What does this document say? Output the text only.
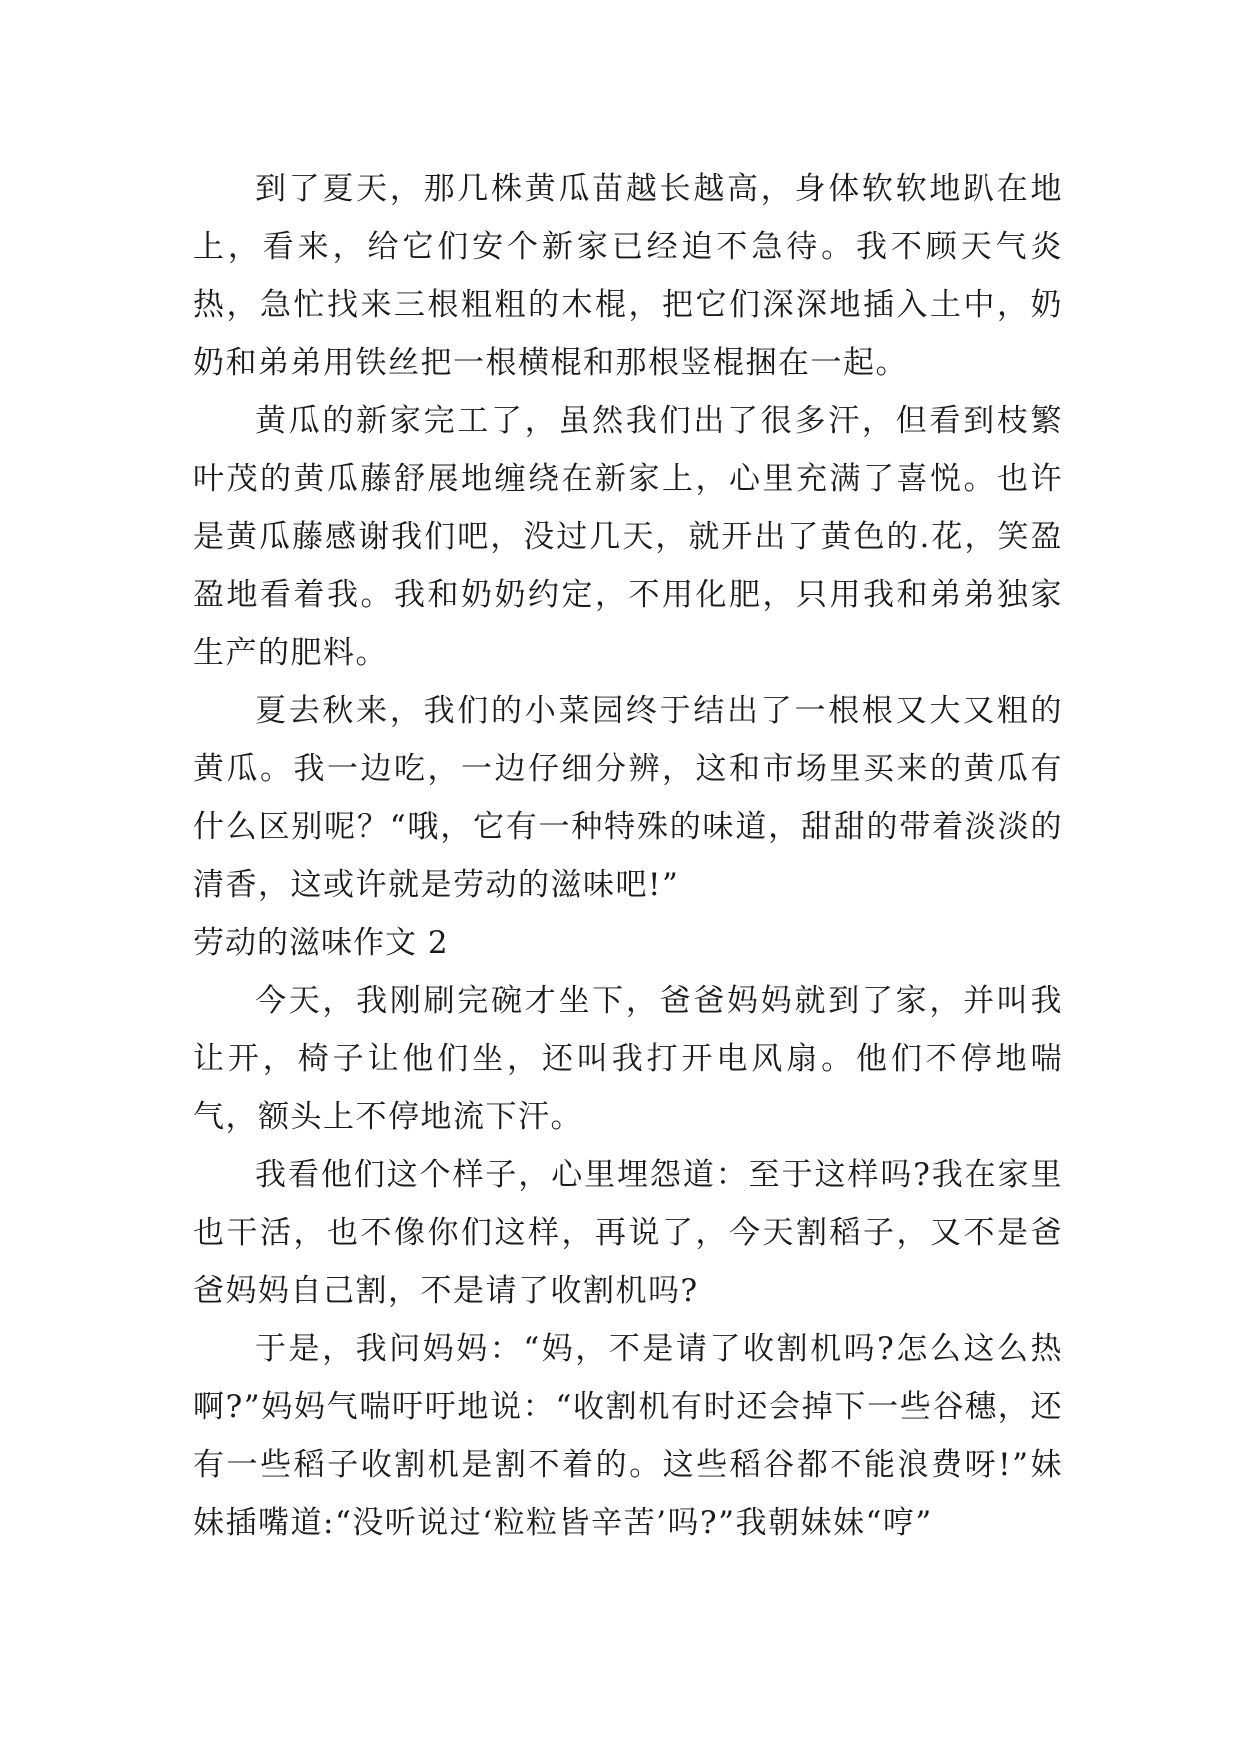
到了夏天，那几株黄瓜苗越长越高，身体软软地趴在地上，看来，给它们安个新家已经迫不急待。我不顾天气炎热，急忙找来三根粗粗的木棍，把它们深深地插入土中，奶奶和弟弟用铁丝把一根横棍和那根竖棍捆在一起。

黄瓜的新家完工了，虽然我们出了很多汗，但看到枝繁叶茂的黄瓜藤舒展地缠绕在新家上，心里充满了喜悦。也许是黄瓜藤感谢我们吧，没过几天，就开出了黄色的.花，笑盈盈地看着我。我和奶奶约定，不用化肥，只用我和弟弟独家生产的肥料。

夏去秋来，我们的小菜园终于结出了一根根又大又粗的黄瓜。我一边吃，一边仔细分辨，这和市场里买来的黄瓜有什么区别呢？“哦，它有一种特殊的味道，甜甜的带着淡淡的清香，这或许就是劳动的滋味吧!”

劳动的滋味作文 2

今天，我刚刷完碗才坐下，爸爸妈妈就到了家，并叫我让开，椅子让他们坐，还叫我打开电风扇。他们不停地喘气，额头上不停地流下汗。

我看他们这个样子，心里埋怨道：至于这样吗?我在家里也干活，也不像你们这样，再说了，今天割稻子，又不是爸爸妈妈自己割，不是请了收割机吗?

于是，我问妈妈：“妈，不是请了收割机吗?怎么这么热啊?”妈妈气喘吁吁地说：“收割机有时还会掉下一些谷穗，还有一些稻子收割机是割不着的。这些稻谷都不能浪费呀!”妹妹插嘴道:“没听说过‘粒粒皆辛苦’吗?”我朝妹妹“哼”
